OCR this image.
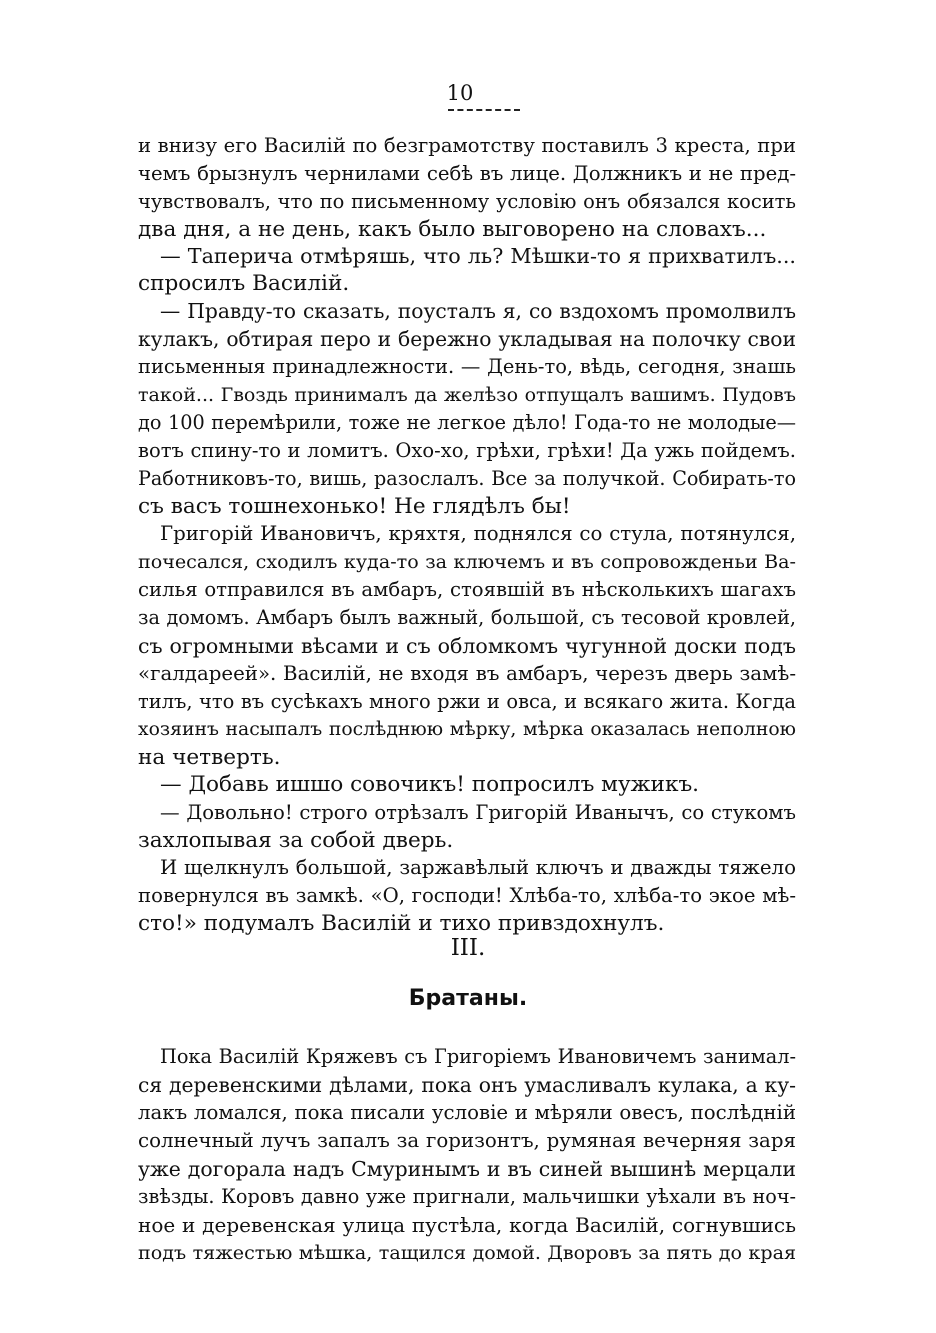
10
и внизу его Василій по безграмотству поставилъ 3 креста, при
чемъ брызнулъ чернилами себѣ въ лице. Должникъ и не пред-
чувствовалъ, что по письменному условію онъ обязался косить
два дня, а не день, какъ было выговорено на словахъ...
— Таперича отмѣряшь, что ль? Мѣшки-то я прихватилъ...
спросилъ Василій.
— Правду-то сказать, поусталъ я, со вздохомъ промолвилъ
кулакъ, обтирая перо и бережно укладывая на полочку свои
письменныя принадлежности. — День-то, вѣдь, сегодня, знашь
такой... Гвоздь принималъ да желѣзо отпущалъ вашимъ. Пудовъ
до 100 перемѣрили, тоже не легкое дѣло! Года-то не молодые—
вотъ спину-то и ломитъ. Охо-хо, грѣхи, грѣхи! Да ужь пойдемъ.
Работниковъ-то, вишь, разослалъ. Все за получкой. Собирать-то
съ васъ тошнехонько! Не глядѣлъ бы!
Григорій Ивановичъ, кряхтя, поднялся со стула, потянулся,
почесался, сходилъ куда-то за ключемъ и въ сопровожденьи Ва-
силья отправился въ амбаръ, стоявшій въ нѣсколькихъ шагахъ
за домомъ. Амбаръ былъ важный, большой, съ тесовой кровлей,
съ огромными вѣсами и съ обломкомъ чугунной доски подъ
«галдареей». Василій, не входя въ амбаръ, черезъ дверь замѣ-
тилъ, что въ сусѣкахъ много ржи и овса, и всякаго жита. Когда
хозяинъ насыпалъ послѣднюю мѣрку, мѣрка оказалась неполною
на четверть.
— Добавь ишшо совочикъ! попросилъ мужикъ.
— Довольно! строго отрѣзалъ Григорій Иванычъ, со стукомъ
захлопывая за собой дверь.
И щелкнулъ большой, заржавѣлый ключъ и дважды тяжело
повернулся въ замкѣ. «О, господи! Хлѣба-то, хлѣба-то экое мѣ-
сто!» подумалъ Василій и тихо привздохнулъ.
III.
Братаны.
Пока Василій Кряжевъ съ Григоріемъ Ивановичемъ занимал-
ся деревенскими дѣлами, пока онъ умасливалъ кулака, а ку-
лакъ ломался, пока писали условіе и мѣряли овесъ, послѣдній
солнечный лучъ запалъ за горизонтъ, румяная вечерняя заря
уже догорала надъ Смуринымъ и въ синей вышинѣ мерцали
звѣзды. Коровъ давно уже пригнали, мальчишки уѣхали въ ноч-
ное и деревенская улица пустѣла, когда Василій, согнувшись
подъ тяжестью мѣшка, тащился домой. Дворовъ за пять до края
